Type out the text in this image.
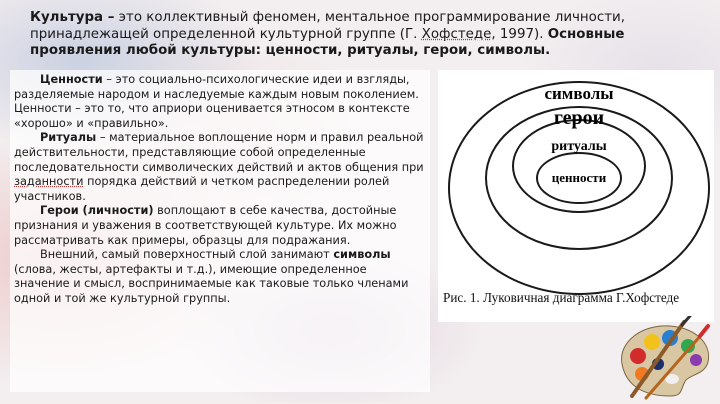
Культура – это коллективный феномен, ментальное программирование личности, принадлежащей определенной культурной группе (Г. Хофстеде, 1997). Основные проявления любой культуры: ценности, ритуалы, герои, символы.

Ценности – это социально-психологические идеи и взгляды, разделяемые народом и наследуемые каждым новым поколением. Ценности – это то, что априори оценивается этносом в контексте «хорошо» и «правильно».

Ритуалы – материальное воплощение норм и правил реальной действительности, представляющие собой определенные последовательности символических действий и актов общения при заданности порядка действий и четком распределении ролей участников.

Герои (личности) воплощают в себе качества, достойные признания и уважения в соответствующей культуре. Их можно рассматривать как примеры, образцы для подражания.

Внешний, самый поверхностный слой занимают символы (слова, жесты, артефакты и т.д.), имеющие определенное значение и смысл, воспринимаемые как таковые только членами одной и той же культурной группы.

символы
герои
ритуалы
ценности
Рис. 1. Луковичная диаграмма Г.Хофстеде
